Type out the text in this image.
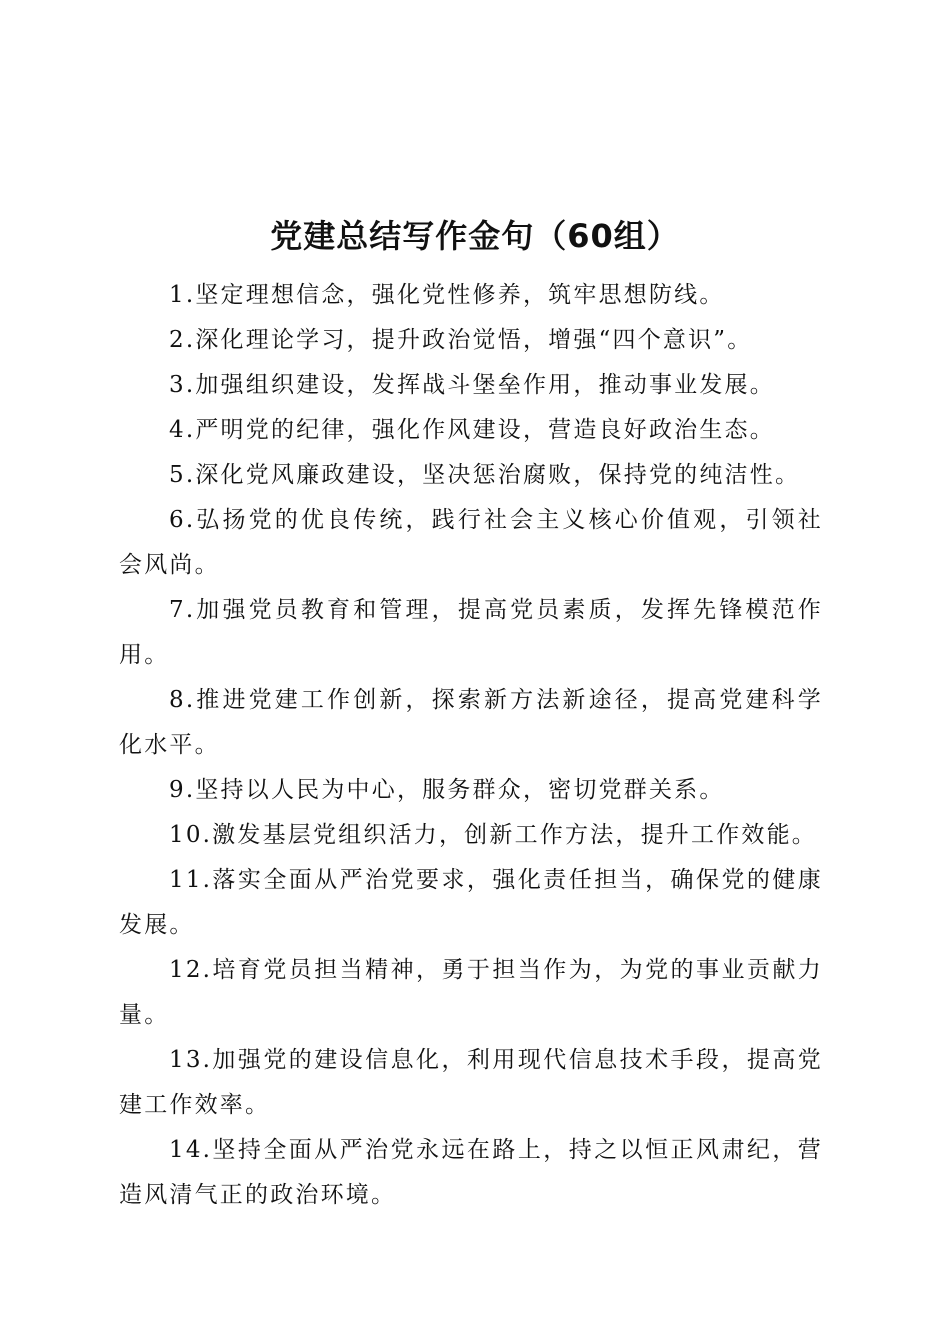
党建总结写作金句（60组）

1.坚定理想信念，强化党性修养，筑牢思想防线。

2.深化理论学习，提升政治觉悟，增强“四个意识”。

3.加强组织建设，发挥战斗堡垒作用，推动事业发展。

4.严明党的纪律，强化作风建设，营造良好政治生态。

5.深化党风廉政建设，坚决惩治腐败，保持党的纯洁性。

6.弘扬党的优良传统，践行社会主义核心价值观，引领社会风尚。

7.加强党员教育和管理，提高党员素质，发挥先锋模范作用。

8.推进党建工作创新，探索新方法新途径，提高党建科学化水平。

9.坚持以人民为中心，服务群众，密切党群关系。

10.激发基层党组织活力，创新工作方法，提升工作效能。

11.落实全面从严治党要求，强化责任担当，确保党的健康发展。

12.培育党员担当精神，勇于担当作为，为党的事业贡献力量。

13.加强党的建设信息化，利用现代信息技术手段，提高党建工作效率。

14.坚持全面从严治党永远在路上，持之以恒正风肃纪，营造风清气正的政治环境。
